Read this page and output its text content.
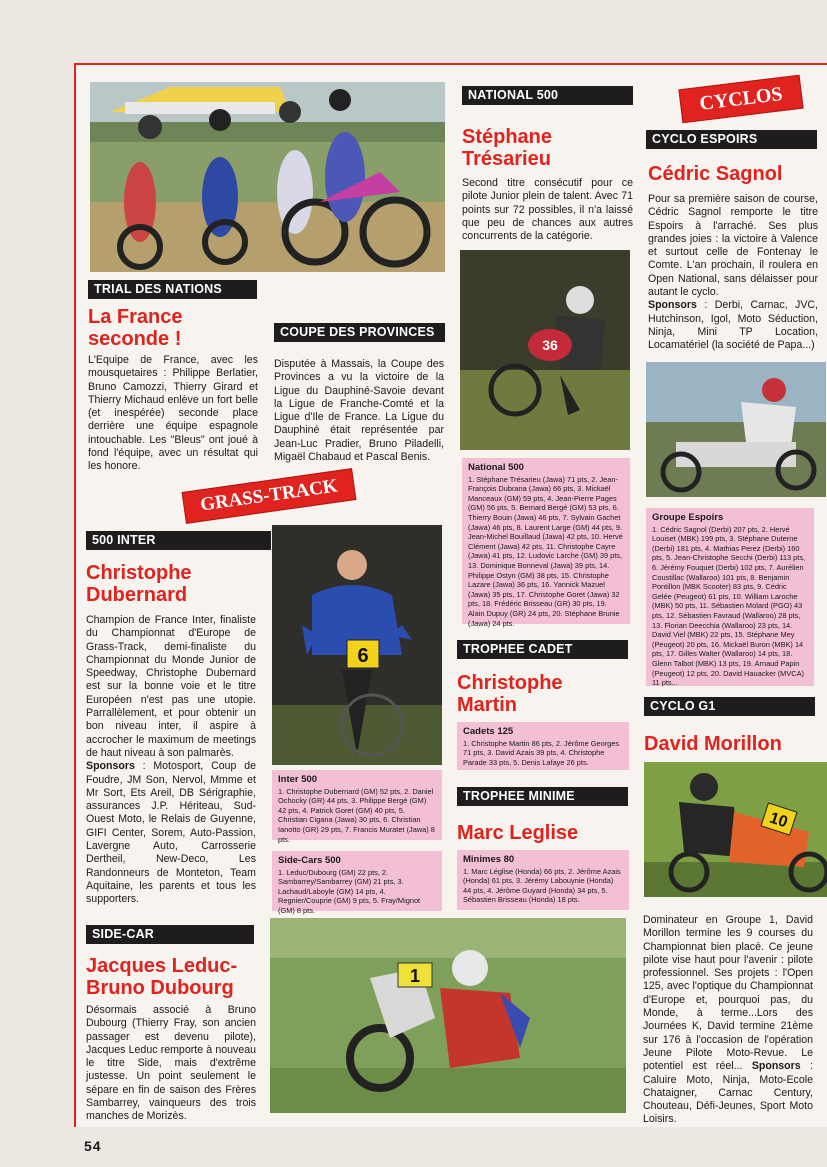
TRIAL DES NATIONS
La France seconde !
L'Equipe de France, avec les mousquetaires : Philippe Berlatier, Bruno Camozzi, Thierry Girard et Thierry Michaud enlève un fort belle (et inespérée) seconde place derrière une équipe espagnole intouchable. Les "Bleus" ont joué à fond l'équipe, avec un résultat qui les honore.
COUPE DES PROVINCES
Disputée à Massais, la Coupe des Provinces a vu la victoire de la Ligue du Dauphiné-Savoie devant la Ligue de Franche-Comté et la Ligue d'Ile de France. La Ligue du Dauphiné était représentée par Jean-Luc Pradier, Bruno Piladelli, Migaël Chabaud et Pascal Benis.
GRASS-TRACK
500 INTER
Christophe Dubernard
Champion de France Inter, finaliste du Championnat d'Europe de Grass-Track, demi-finaliste du Championnat du Monde Junior de Speedway, Christophe Dubernard est sur la bonne voie et le titre Européen n'est pas une utopie. Parrallèlement, et pour obtenir un bon niveau inter, il aspire à accrocher le maximum de meetings de haut niveau à son palmarès.
Sponsors : Motosport, Coup de Foudre, JM Son, Nervol, Mmme et Mr Sort, Ets Areil, DB Sérigraphie, assurances J.P. Hériteau, Sud-Ouest Moto, le Relais de Guyenne, GIFI Center, Sorem, Auto-Passion, Lavergne Auto, Carrosserie Dertheil, New-Deco, Les Randonneurs de Monteton, Team Aquitaine, les parents et tous les supporters.
6
Inter 500
1. Christophe Dubernard (GM) 52 pts, 2. Daniel Ochocky (GR) 44 pts, 3. Philippe Bergé (GM) 42 pts, 4. Patrick Goret (GM) 40 pts, 5. Christian Cigana (Jawa) 30 pts, 6. Christian Ianotto (GR) 29 pts, 7. Francis Muratet (Jawa) 8 pts.
Side-Cars 500
1. Leduc/Dubourg (GM) 22 pts, 2. Sambarrey/Sambarrey (GM) 21 pts, 3. Lachaud/Laboyle (GM) 14 pts, 4. Regnier/Couprie (GM) 9 pts, 5. Fray/Mignot (GM) 8 pts.
SIDE-CAR
Jacques Leduc-Bruno Dubourg
Désormais associé à Bruno Dubourg (Thierry Fray, son ancien passager est devenu pilote), Jacques Leduc remporte à nouveau le titre Side, mais d'extrême justesse. Un point seulement le sépare en fin de saison des Frères Sambarrey, vainqueurs des trois manches de Morizès.
1
NATIONAL 500
Stéphane Trésarieu
Second titre consécutif pour ce pilote Junior plein de talent. Avec 71 points sur 72 possibles, il n'a laissé que peu de chances aux autres concurrents de la catégorie.
36
National 500
1. Stéphane Trésarieu (Jawa) 71 pts, 2. Jean-François Dubrana (Jawa) 66 pts, 3. Mickaël Manceaux (GM) 59 pts, 4. Jean-Pierre Pages (GM) 56 pts, 5. Bernard Bergé (GM) 53 pts, 6. Thierry Bouin (Jawa) 46 pts, 7. Sylvain Gachet (Jawa) 46 pts, 8. Laurent Large (GM) 44 pts, 9. Jean-Michel Bouillaud (Jawa) 42 pts, 10. Hervé Clément (Jawa) 42 pts, 11. Christophe Cayre (Jawa) 41 pts, 12. Ludovic Larche (GM) 39 pts, 13. Dominique Bonneval (Jawa) 39 pts, 14. Philippe Ostyn (GM) 38 pts, 15. Christophe Lazare (Jawa) 36 pts, 16. Yannick Mazuel (Jawa) 35 pts, 17. Christophe Goret (Jawa) 32 pts, 18. Frédéric Brisseau (GR) 30 pts, 19. Alain Dupuy (GR) 24 pts, 20. Stéphane Brunie (Jawa) 24 pts.
TROPHEE CADET
Christophe Martin
Cadets 125
1. Christophe Martin 86 pts, 2. Jérôme Georges 71 pts, 3. David Azais 39 pts, 4. Christophe Parade 33 pts, 5. Denis Lafaye 26 pts.
TROPHEE MINIME
Marc Leglise
Minimes 80
1. Marc Léglise (Honda) 66 pts, 2. Jérôme Azais (Honda) 61 pts, 3. Jérémy Labouynie (Honda) 44 pts, 4. Jérôme Guyard (Honda) 34 pts, 5. Sébastien Brisseau (Honda) 18 pts.
CYCLOS
CYCLO ESPOIRS
Cédric Sagnol
Pour sa première saison de course, Cédric Sagnol remporte le titre Espoirs à l'arraché. Ses plus grandes joies : la victoire à Valence et surtout celle de Fontenay le Comte. L'an prochain, il roulera en Open National, sans délaisser pour autant le cyclo.
Sponsors : Derbi, Carnac, JVC, Hutchinson, Igol, Moto Séduction, Ninja, Mini TP Location, Locamatériel (la société de Papa...)
Groupe Espoirs
1. Cédric Sagnol (Derbi) 207 pts, 2. Hervé Louiset (MBK) 199 pts, 3. Stéphane Duterne (Derbi) 181 pts, 4. Mathias Perez (Derbi) 160 pts, 5. Jean-Christophe Secchi (Derbi) 113 pts, 6. Jérémy Fouquet (Derbi) 102 pts, 7. Aurélien Coustillac (Wallaroo) 101 pts, 8. Benjamin Pontillon (MBK Scooter) 83 pts, 9. Cédric Gelée (Peugeot) 61 pts, 10. William Laroche (MBK) 50 pts, 11. Sébastien Molard (PGO) 43 pts, 12. Sébastien Favraud (Wallaroo) 28 pts, 13. Florian Deecchia (Wallaroo) 23 pts, 14. David Viel (MBK) 22 pts, 15. Stéphane Mey (Peugeot) 20 pts, 16. Mickaël Buron (MBK) 14 pts, 17. Gilles Walter (Wallaroo) 14 pts, 18. Glenn Talbot (MBK) 13 pts, 19. Arnaud Papin (Peugeot) 12 pts, 20. David Hauacker (MVCA) 11 pts...
CYCLO G1
David Morillon
10
Dominateur en Groupe 1, David Morillon termine les 9 courses du Championnat bien placé. Ce jeune pilote vise haut pour l'avenir : pilote professionnel. Ses projets : l'Open 125, avec l'optique du Championnat d'Europe et, pourquoi pas, du Monde, à terme...Lors des Journées K, David termine 21ème sur 176 à l'occasion de l'opération Jeune Pilote Moto-Revue. Le potentiel est réel... Sponsors : Caluire Moto, Ninja, Moto-Ecole Chataigner, Carnac Century, Chouteau, Défi-Jeunes, Sport Moto Loisirs.
54
